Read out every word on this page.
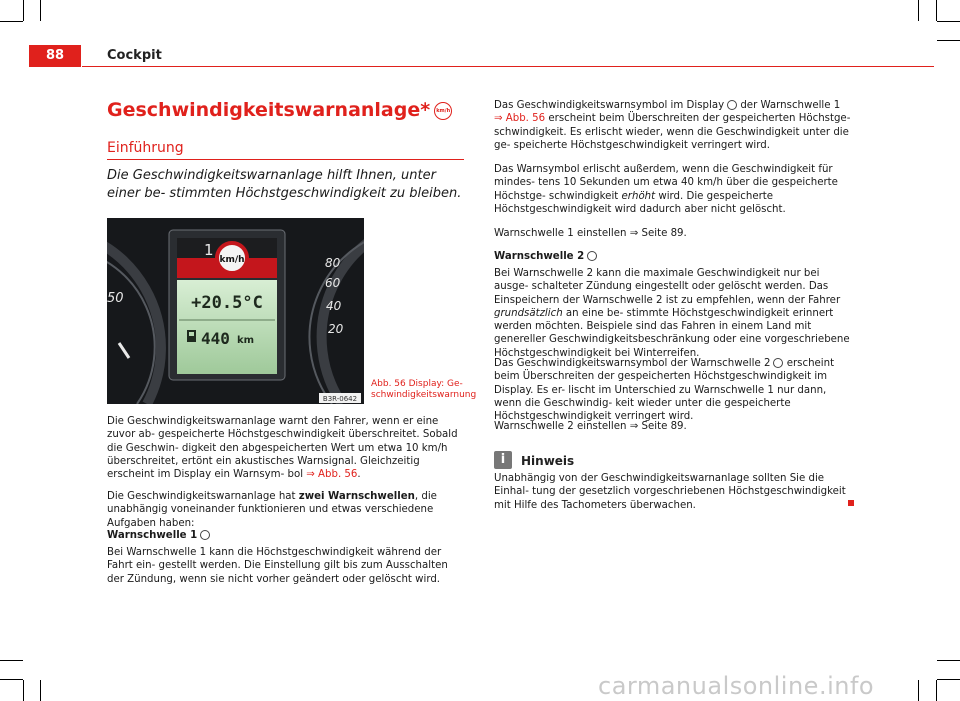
88	Cockpit
Geschwindigkeitswarnanlage* km/h
Einführung
Die Geschwindigkeitswarnanlage hilft Ihnen, unter einer be- stimmten Höchstgeschwindigkeit zu bleiben.
50
80
60
40
20
1
km/h
+20.5°C
440 km
B3R-0642
Abb. 56 Display: Ge- schwindigkeitswarnung
Die Geschwindigkeitswarnanlage warnt den Fahrer, wenn er eine zuvor ab- gespeicherte Höchstgeschwindigkeit überschreitet. Sobald die Geschwin- digkeit den abgespeicherten Wert um etwa 10 km/h überschreitet, ertönt ein akustisches Warnsignal. Gleichzeitig erscheint im Display ein Warnsym- bol ⇒ Abb. 56.
Die Geschwindigkeitswarnanlage hat zwei Warnschwellen, die unabhängig voneinander funktionieren und etwas verschiedene Aufgaben haben:
Warnschwelle 1
Bei Warnschwelle 1 kann die Höchstgeschwindigkeit während der Fahrt ein- gestellt werden. Die Einstellung gilt bis zum Ausschalten der Zündung, wenn sie nicht vorher geändert oder gelöscht wird.
Das Geschwindigkeitswarnsymbol im Display der Warnschwelle 1 ⇒ Abb. 56 erscheint beim Überschreiten der gespeicherten Höchstge- schwindigkeit. Es erlischt wieder, wenn die Geschwindigkeit unter die ge- speicherte Höchstgeschwindigkeit verringert wird.
Das Warnsymbol erlischt außerdem, wenn die Geschwindigkeit für mindes- tens 10 Sekunden um etwa 40 km/h über die gespeicherte Höchstge- schwindigkeit erhöht wird. Die gespeicherte Höchstgeschwindigkeit wird dadurch aber nicht gelöscht.
Warnschwelle 1 einstellen ⇒ Seite 89.
Warnschwelle 2
Bei Warnschwelle 2 kann die maximale Geschwindigkeit nur bei ausge- schalteter Zündung eingestellt oder gelöscht werden. Das Einspeichern der Warnschwelle 2 ist zu empfehlen, wenn der Fahrer grundsätzlich an eine be- stimmte Höchstgeschwindigkeit erinnert werden möchten. Beispiele sind das Fahren in einem Land mit genereller Geschwindigkeitsbeschränkung oder eine vorgeschriebene Höchstgeschwindigkeit bei Winterreifen.
Das Geschwindigkeitswarnsymbol der Warnschwelle 2 erscheint beim Überschreiten der gespeicherten Höchstgeschwindigkeit im Display. Es er- lischt im Unterschied zu Warnschwelle 1 nur dann, wenn die Geschwindig- keit wieder unter die gespeicherte Höchstgeschwindigkeit verringert wird.
Warnschwelle 2 einstellen ⇒ Seite 89.
i	Hinweis
Unabhängig von der Geschwindigkeitswarnanlage sollten Sie die Einhal- tung der gesetzlich vorgeschriebenen Höchstgeschwindigkeit mit Hilfe des Tachometers überwachen.
carmanualsonline.info
